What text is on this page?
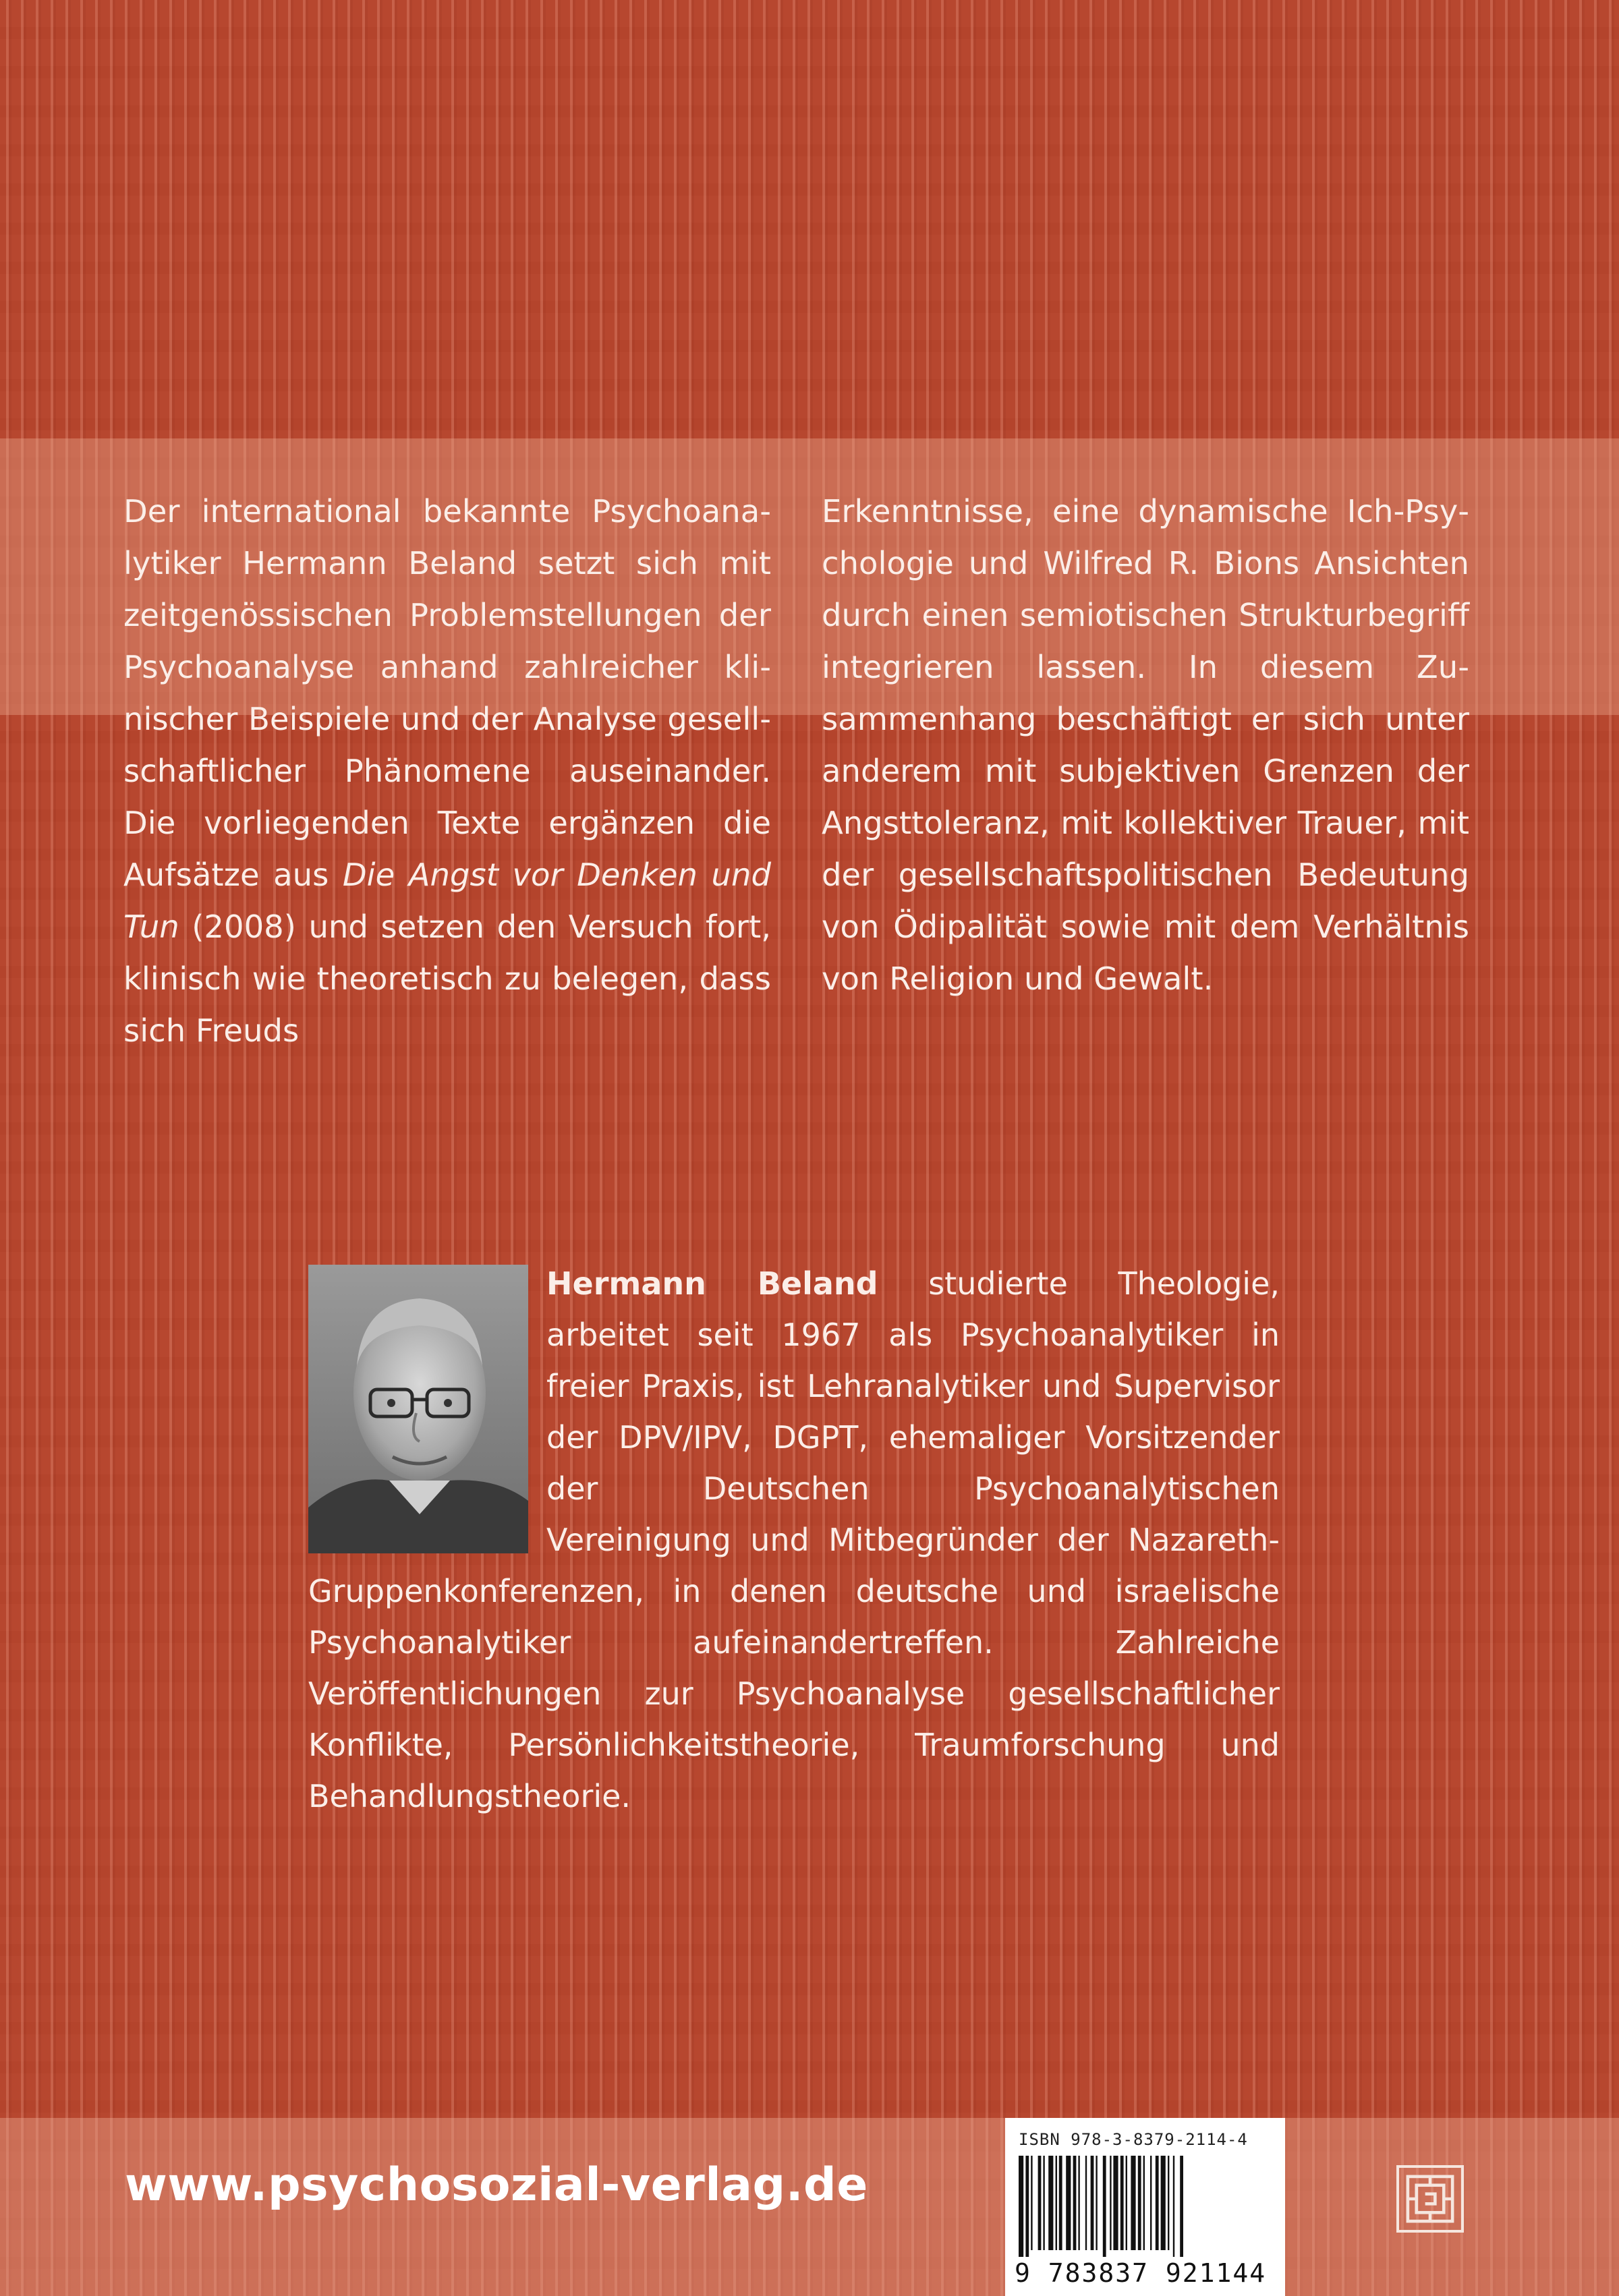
Der international bekannte Psychoanalytiker Hermann Beland setzt sich mit zeitgenössischen Problemstellungen der Psychoanalyse anhand zahlreicher klinischer Beispiele und der Analyse gesellschaftlicher Phänomene auseinander. Die vorliegenden Texte ergänzen die Aufsätze aus Die Angst vor Denken und Tun (2008) und setzen den Versuch fort, klinisch wie theoretisch zu belegen, dass sich Freuds

Erkenntnisse, eine dynamische Ich-Psychologie und Wilfred R. Bions Ansichten durch einen semiotischen Strukturbegriff integrieren lassen. In diesem Zusammenhang beschäftigt er sich unter anderem mit subjektiven Grenzen der Angsttoleranz, mit kollektiver Trauer, mit der gesellschaftspolitischen Bedeutung von Ödipalität sowie mit dem Verhältnis von Religion und Gewalt.

Hermann Beland studierte Theologie, arbeitet seit 1967 als Psychoanalytiker in freier Praxis, ist Lehranalytiker und Supervisor der DPV/IPV, DGPT, ehemaliger Vorsitzender der Deutschen Psychoanalytischen Vereinigung und Mitbegründer der Nazareth-Gruppenkonferenzen, in denen deutsche und israelische Psychoanalytiker aufeinandertreffen. Zahlreiche Veröffentlichungen zur Psychoanalyse gesellschaftlicher Konflikte, Persönlichkeitstheorie, Traumforschung und Behandlungstheorie.

www.psychosozial-verlag.de
ISBN 978-3-8379-2114-4
9 783837 921144
